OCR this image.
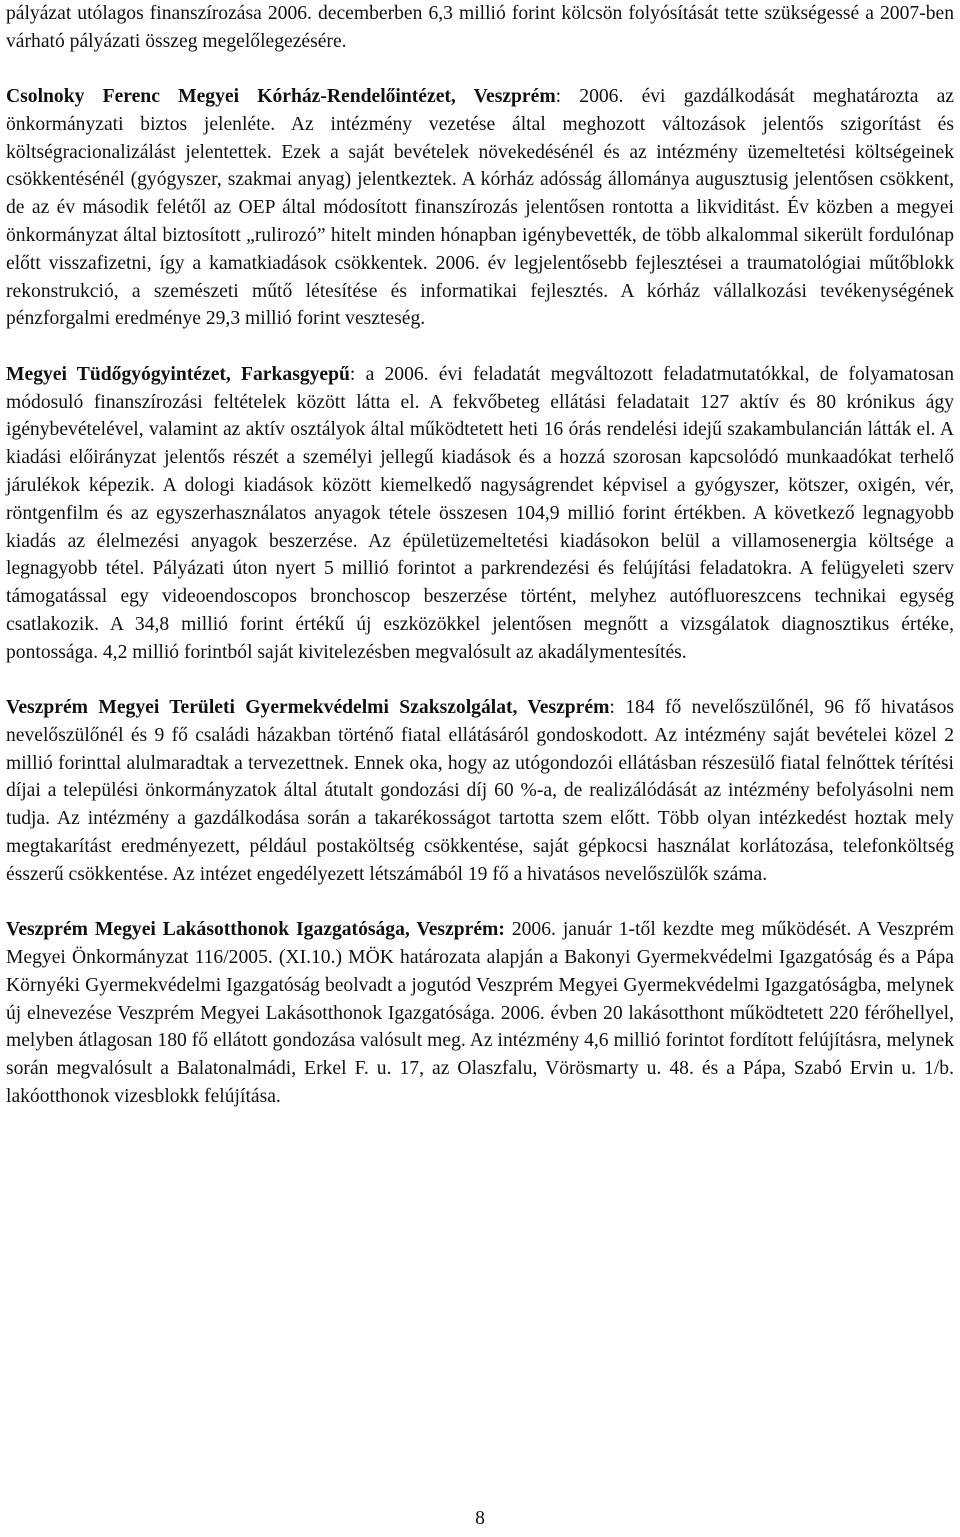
pályázat utólagos finanszírozása 2006. decemberben 6,3 millió forint kölcsön folyósítását tette szükségessé a 2007-ben várható pályázati összeg megelőlegezésére.

Csolnoky Ferenc Megyei Kórház-Rendelőintézet, Veszprém: 2006. évi gazdálkodását meghatározta az önkormányzati biztos jelenléte. Az intézmény vezetése által meghozott változások jelentős szigorítást és költségracionalizálást jelentettek. Ezek a saját bevételek növekedésénél és az intézmény üzemeltetési költségeinek csökkentésénél (gyógyszer, szakmai anyag) jelentkeztek. A kórház adósság állománya augusztusig jelentősen csökkent, de az év második felétől az OEP által módosított finanszírozás jelentősen rontotta a likviditást. Év közben a megyei önkormányzat által biztosított „rulirozó” hitelt minden hónapban igénybevették, de több alkalommal sikerült fordulónap előtt visszafizetni, így a kamatkiadások csökkentek. 2006. év legjelentősebb fejlesztései a traumatológiai műtőblokk rekonstrukció, a szemészeti műtő létesítése és informatikai fejlesztés. A kórház vállalkozási tevékenységének pénzforgalmi eredménye 29,3 millió forint veszteség.

Megyei Tüdőgyógyintézet, Farkasgyepű: a 2006. évi feladatát megváltozott feladatmutatókkal, de folyamatosan módosuló finanszírozási feltételek között látta el. A fekvőbeteg ellátási feladatait 127 aktív és 80 krónikus ágy igénybevételével, valamint az aktív osztályok által működtetett heti 16 órás rendelési idejű szakambulancián látták el. A kiadási előirányzat jelentős részét a személyi jellegű kiadások és a hozzá szorosan kapcsolódó munkaadókat terhelő járulékok képezik. A dologi kiadások között kiemelkedő nagyságrendet képvisel a gyógyszer, kötszer, oxigén, vér, röntgenfilm és az egyszerhasználatos anyagok tétele összesen 104,9 millió forint értékben. A következő legnagyobb kiadás az élelmezési anyagok beszerzése. Az épületüzemeltetési kiadásokon belül a villamosenergia költsége a legnagyobb tétel. Pályázati úton nyert 5 millió forintot a parkrendezési és felújítási feladatokra. A felügyeleti szerv támogatással egy videoendoscopos bronchoscop beszerzése történt, melyhez autófluoreszcens technikai egység csatlakozik. A 34,8 millió forint értékű új eszközökkel jelentősen megnőtt a vizsgálatok diagnosztikus értéke, pontossága. 4,2 millió forintból saját kivitelezésben megvalósult az akadálymentesítés.

Veszprém Megyei Területi Gyermekvédelmi Szakszolgálat, Veszprém: 184 fő nevelőszülőnél, 96 fő hivatásos nevelőszülőnél és 9 fő családi házakban történő fiatal ellátásáról gondoskodott. Az intézmény saját bevételei közel 2 millió forinttal alulmaradtak a tervezettnek. Ennek oka, hogy az utógondozói ellátásban részesülő fiatal felnőttek térítési díjai a települési önkormányzatok által átutalt gondozási díj 60 %-a, de realizálódását az intézmény befolyásolni nem tudja. Az intézmény a gazdálkodása során a takarékosságot tartotta szem előtt. Több olyan intézkedést hoztak mely megtakarítást eredményezett, például postaköltség csökkentése, saját gépkocsi használat korlátozása, telefonköltség ésszerű csökkentése. Az intézet engedélyezett létszámából 19 fő a hivatásos nevelőszülők száma.

Veszprém Megyei Lakásotthonok Igazgatósága, Veszprém: 2006. január 1-től kezdte meg működését. A Veszprém Megyei Önkormányzat 116/2005. (XI.10.) MÖK határozata alapján a Bakonyi Gyermekvédelmi Igazgatóság és a Pápa Környéki Gyermekvédelmi Igazgatóság beolvadt a jogutód Veszprém Megyei Gyermekvédelmi Igazgatóságba, melynek új elnevezése Veszprém Megyei Lakásotthonok Igazgatósága. 2006. évben 20 lakásotthont működtetett 220 férőhellyel, melyben átlagosan 180 fő ellátott gondozása valósult meg. Az intézmény 4,6 millió forintot fordított felújításra, melynek során megvalósult a Balatonalmádi, Erkel F. u. 17, az Olaszfalu, Vörösmarty u. 48. és a Pápa, Szabó Ervin u. 1/b. lakóotthonok vizesblokk felújítása.

8
